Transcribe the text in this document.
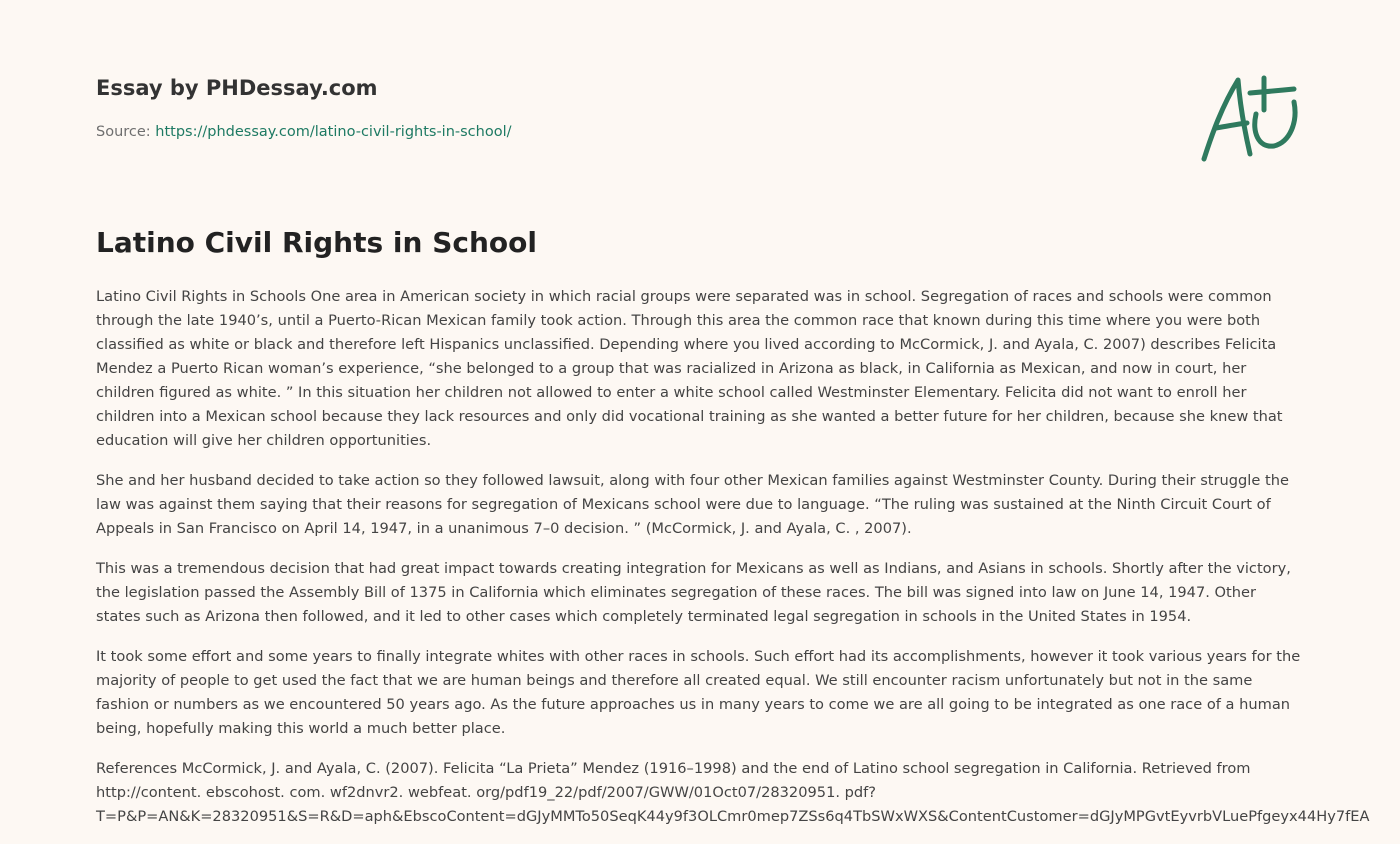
Essay by PHDessay.com
Source: https://phdessay.com/latino-civil-rights-in-school/
Latino Civil Rights in School

Latino Civil Rights in Schools One area in American society in which racial groups were separated was in school. Segregation of races and schools were common through the late 1940’s, until a Puerto-Rican Mexican family took action. Through this area the common race that known during this time where you were both classified as white or black and therefore left Hispanics unclassified. Depending where you lived according to McCormick, J. and Ayala, C. 2007) describes Felicita Mendez a Puerto Rican woman’s experience, “she belonged to a group that was racialized in Arizona as black, in California as Mexican, and now in court, her children figured as white. ” In this situation her children not allowed to enter a white school called Westminster Elementary. Felicita did not want to enroll her children into a Mexican school because they lack resources and only did vocational training as she wanted a better future for her children, because she knew that education will give her children opportunities.

She and her husband decided to take action so they followed lawsuit, along with four other Mexican families against Westminster County. During their struggle the law was against them saying that their reasons for segregation of Mexicans school were due to language. “The ruling was sustained at the Ninth Circuit Court of Appeals in San Francisco on April 14, 1947, in a unanimous 7–0 decision. ” (McCormick, J. and Ayala, C. , 2007).

This was a tremendous decision that had great impact towards creating integration for Mexicans as well as Indians, and Asians in schools. Shortly after the victory, the legislation passed the Assembly Bill of 1375 in California which eliminates segregation of these races. The bill was signed into law on June 14, 1947. Other states such as Arizona then followed, and it led to other cases which completely terminated legal segregation in schools in the United States in 1954.

It took some effort and some years to finally integrate whites with other races in schools. Such effort had its accomplishments, however it took various years for the majority of people to get used the fact that we are human beings and therefore all created equal. We still encounter racism unfortunately but not in the same fashion or numbers as we encountered 50 years ago. As the future approaches us in many years to come we are all going to be integrated as one race of a human being, hopefully making this world a much better place.

References McCormick, J. and Ayala, C. (2007). Felicita “La Prieta” Mendez (1916–1998) and the end of Latino school segregation in California. Retrieved from

http://content. ebscohost. com. wf2dnvr2. webfeat. org/pdf19_22/pdf/2007/GWW/01Oct07/28320951. pdf?

T=P&P=AN&K=28320951&S=R&D=aph&EbscoContent=dGJyMMTo50SeqK44y9f3OLCmr0mep7ZSs6q4TbSWxWXS&ContentCustomer=dGJyMPGvtEyvrbVLuePfgeyx44Hy7fEA
